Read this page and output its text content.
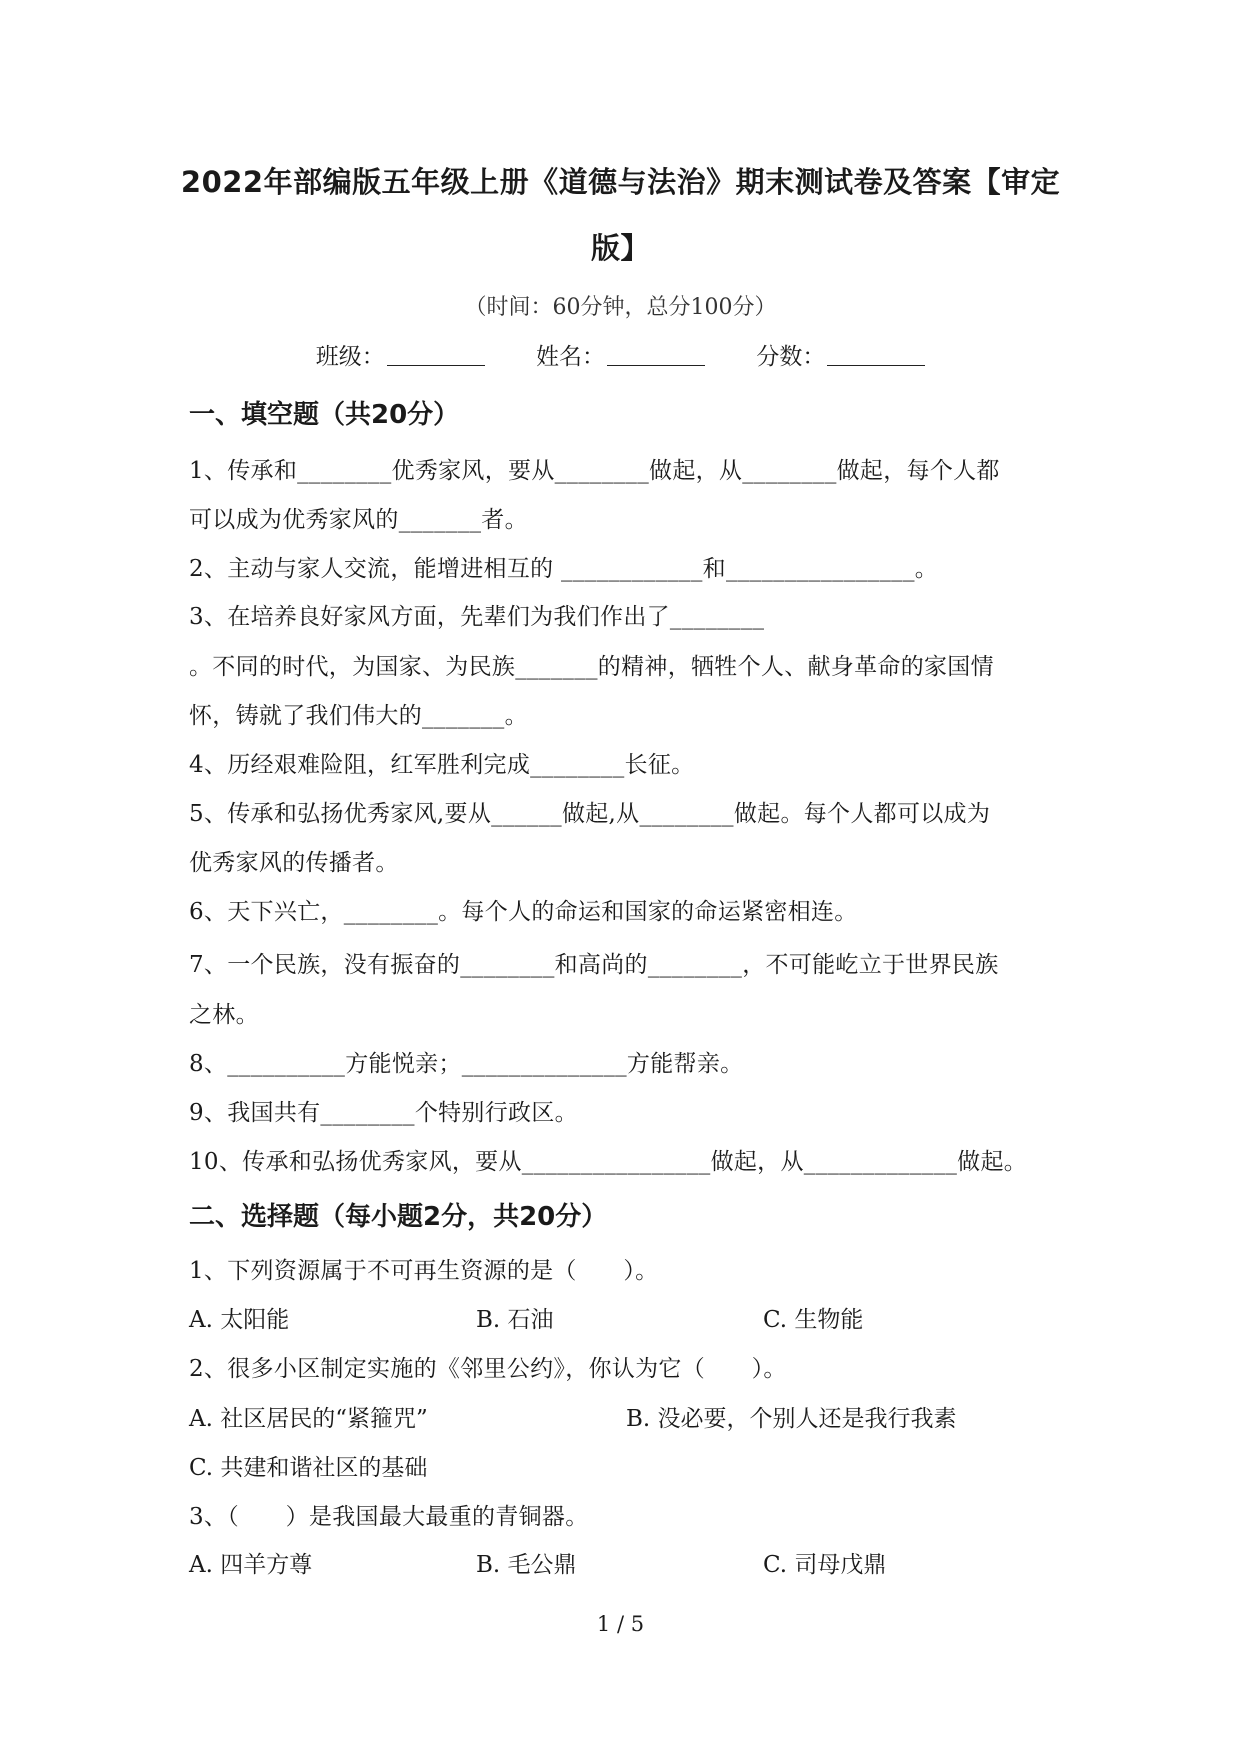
2022年部编版五年级上册《道德与法治》期末测试卷及答案【审定
版】
（时间：60分钟，总分100分）
班级：	姓名：	分数：
一、填空题（共20分）
1、传承和________优秀家风，要从________做起，从________做起，每个人都
可以成为优秀家风的_______者。
2、主动与家人交流，能增进相互的 ____________和________________。
3、在培养良好家风方面，先辈们为我们作出了________
。不同的时代，为国家、为民族_______的精神，牺牲个人、献身革命的家国情
怀，铸就了我们伟大的_______。
4、历经艰难险阻，红军胜利完成________长征。
5、传承和弘扬优秀家风,要从______做起,从________做起。每个人都可以成为
优秀家风的传播者。
6、天下兴亡，________。每个人的命运和国家的命运紧密相连。
7、一个民族，没有振奋的________和高尚的________，不可能屹立于世界民族
之林。
8、__________方能悦亲；______________方能帮亲。
9、我国共有________个特别行政区。
10、传承和弘扬优秀家风，要从________________做起，从_____________做起。
二、选择题（每小题2分，共20分）
1、下列资源属于不可再生资源的是（　　）。
A. 太阳能	B. 石油	C. 生物能
2、很多小区制定实施的《邻里公约》，你认为它（　　）。
A. 社区居民的“紧箍咒”	B. 没必要，个别人还是我行我素
C. 共建和谐社区的基础
3、（　　）是我国最大最重的青铜器。
A. 四羊方尊	B. 毛公鼎	C. 司母戊鼎
1 / 5
